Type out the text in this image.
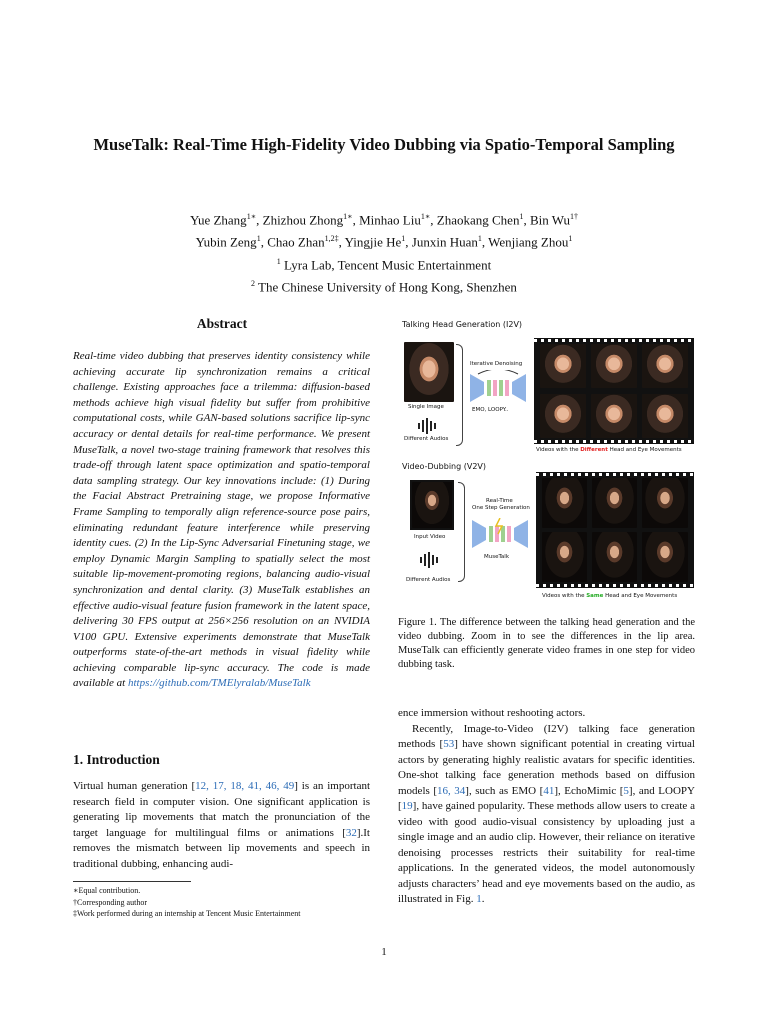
MuseTalk: Real-Time High-Fidelity Video Dubbing via Spatio-Temporal Sampling
Yue Zhang$^{1∗}$, Zhizhou Zhong$^{1∗}$, Minhao Liu$^{1∗}$, Zhaokang Chen$^1$, Bin $Wu^{1\dagger}$
Yubin Zeng$^1$, Chao Zhan$^{1,2\ddagger}$, Yingjie He$^1$, Junxin Huan$^1$, Wenjiang Zhou$^1$
$^1$ Lyra Lab, Tencent Music Entertainment
$^2$ The Chinese University of Hong Kong, Shenzhen
Abstract
Real-time video dubbing that preserves identity consistency while achieving accurate lip synchronization remains a critical challenge. Existing approaches face a trilemma: diffusion-based methods achieve high visual fidelity but suffer from prohibitive computational costs, while GAN-based solutions sacrifice lip-sync accuracy or dental details for real-time performance. We present MuseTalk, a novel two-stage training framework that resolves this trade-off through latent space optimization and spatio-temporal data sampling strategy. Our key innovations include: (1) During the Facial Abstract Pretraining stage, we propose Informative Frame Sampling to temporally align reference-source pose pairs, eliminating redundant feature interference while preserving identity cues. (2) In the Lip-Sync Adversarial Finetuning stage, we employ Dynamic Margin Sampling to spatially select the most suitable lip-movement-promoting regions, balancing audio-visual synchronization and dental clarity. (3) MuseTalk establishes an effective audio-visual feature fusion framework in the latent space, delivering 30 FPS output at 256×256 resolution on an NVIDIA V100 GPU. Extensive experiments demonstrate that MuseTalk outperforms state-of-the-art methods in visual fidelity while achieving comparable lip-sync accuracy. The code is made available at https://github.com/TMElyralab/MuseTalk
1. Introduction
Virtual human generation [12, 17, 18, 41, 46, 49] is an important research field in computer vision. One significant application is generating lip movements that match the pronunciation of the target language for multilingual films or animations [32].It removes the mismatch between lip movements and speech in traditional dubbing, enhancing audi-
∗Equal contribution.
†Corresponding author
‡Work performed during an internship at Tencent Music Entertainment
Talking Head Generation (I2V)
Single Image
Different Audios
Iterative Denoising
EMO, LOOPY..
Videos with the Different Head and Eye Movements
Video-Dubbing (V2V)
Input Video
Different Audios
Real-Time
One Step Generation
MuseTalk
Videos with the Same Head and Eye Movements
Figure 1. The difference between the talking head generation and the video dubbing. Zoom in to see the differences in the lip area. MuseTalk can efficiently generate video frames in one step for video dubbing task.

ence immersion without reshooting actors.

Recently, Image-to-Video (I2V) talking face generation methods [53] have shown significant potential in creating virtual actors by generating highly realistic avatars for specific identities. One-shot talking face generation methods based on diffusion models [16, 34], such as EMO [41], EchoMimic [5], and LOOPY [19], have gained popularity. These methods allow users to create a video with good audio-visual consistency by uploading just a single image and an audio clip. However, their reliance on iterative denoising processes restricts their suitability for real-time applications. In the generated videos, the model autonomously adjusts characters’ head and eye movements based on the audio, as illustrated in Fig. 1.

1
